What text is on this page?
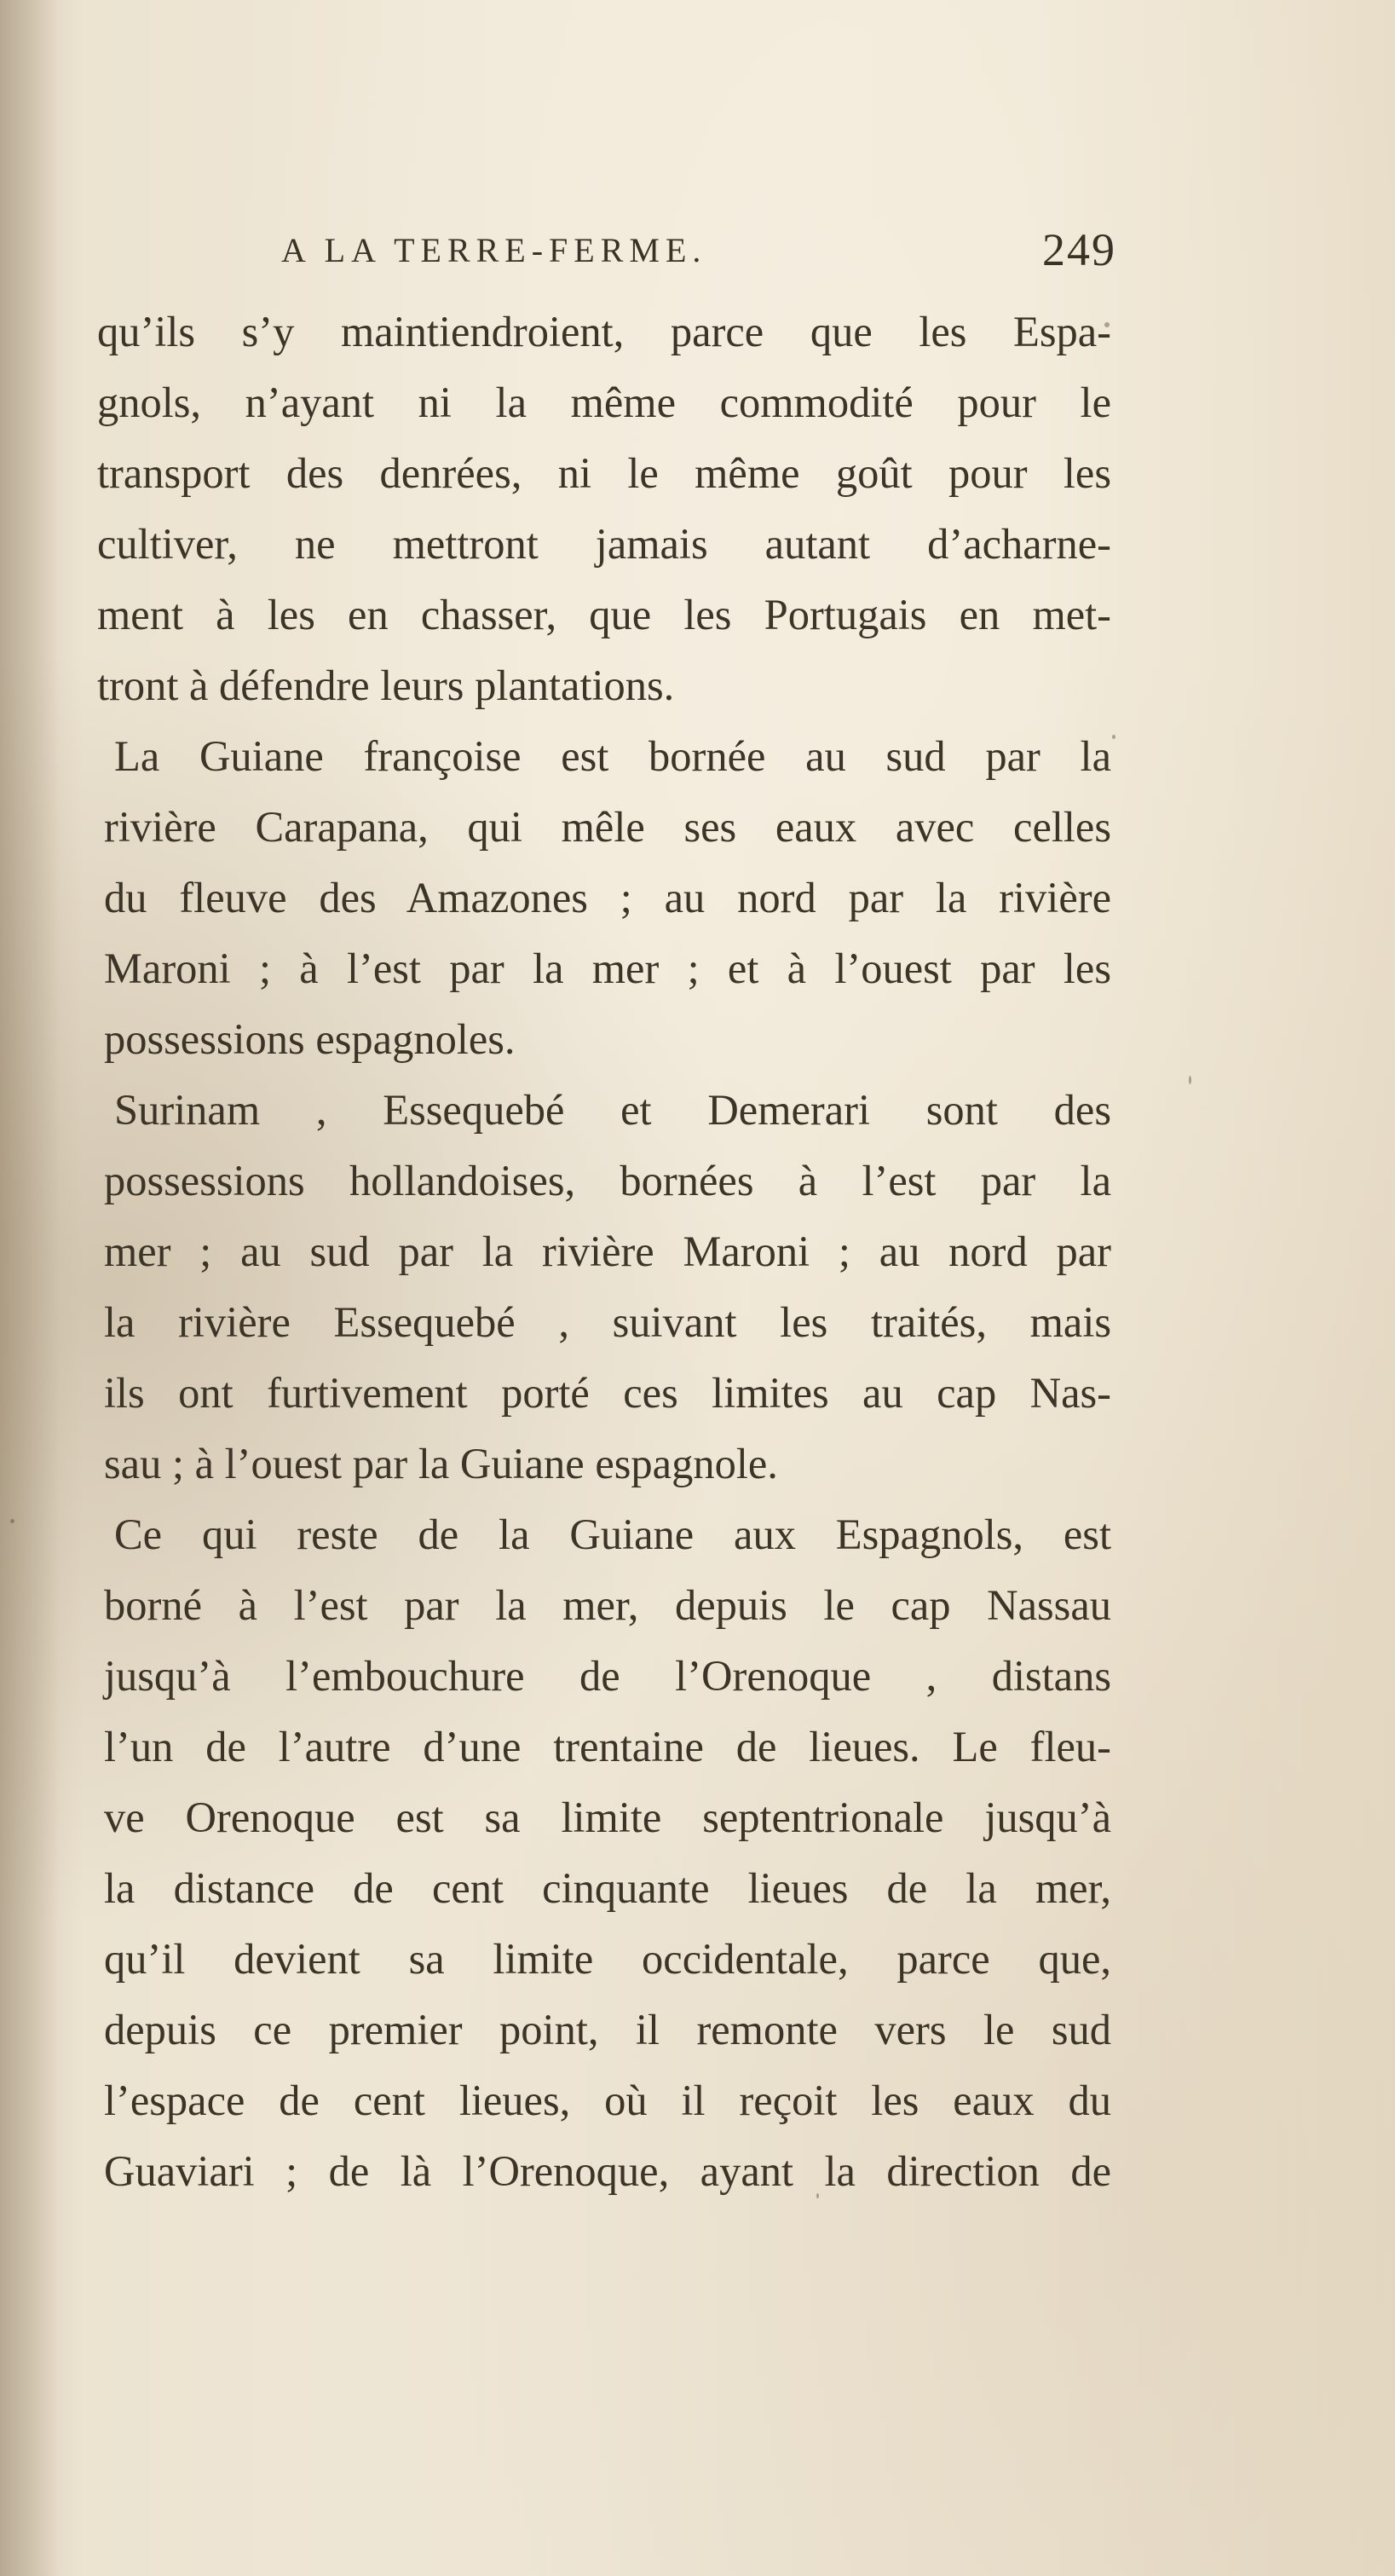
A LA TERRE-FERME.	249

qu’ils s’y maintiendroient, parce que les Espa-
gnols, n’ayant ni la même commodité pour le
transport des denrées, ni le même goût pour les
cultiver, ne mettront jamais autant d’acharne-
ment à les en chasser, que les Portugais en met-
tront à défendre leurs plantations.

La Guiane françoise est bornée au sud par la
rivière Carapana, qui mêle ses eaux avec celles
du fleuve des Amazones ; au nord par la rivière
Maroni ; à l’est par la mer ; et à l’ouest par les
possessions espagnoles.

Surinam , Essequebé et Demerari sont des
possessions hollandoises, bornées à l’est par la
mer ; au sud par la rivière Maroni ; au nord par
la rivière Essequebé , suivant les traités, mais
ils ont furtivement porté ces limites au cap Nas-
sau ; à l’ouest par la Guiane espagnole.

Ce qui reste de la Guiane aux Espagnols, est
borné à l’est par la mer, depuis le cap Nassau
jusqu’à l’embouchure de l’Orenoque , distans
l’un de l’autre d’une trentaine de lieues. Le fleu-
ve Orenoque est sa limite septentrionale jusqu’à
la distance de cent cinquante lieues de la mer,
qu’il devient sa limite occidentale, parce que,
depuis ce premier point, il remonte vers le sud
l’espace de cent lieues, où il reçoit les eaux du
Guaviari ; de là l’Orenoque, ayant la direction de
